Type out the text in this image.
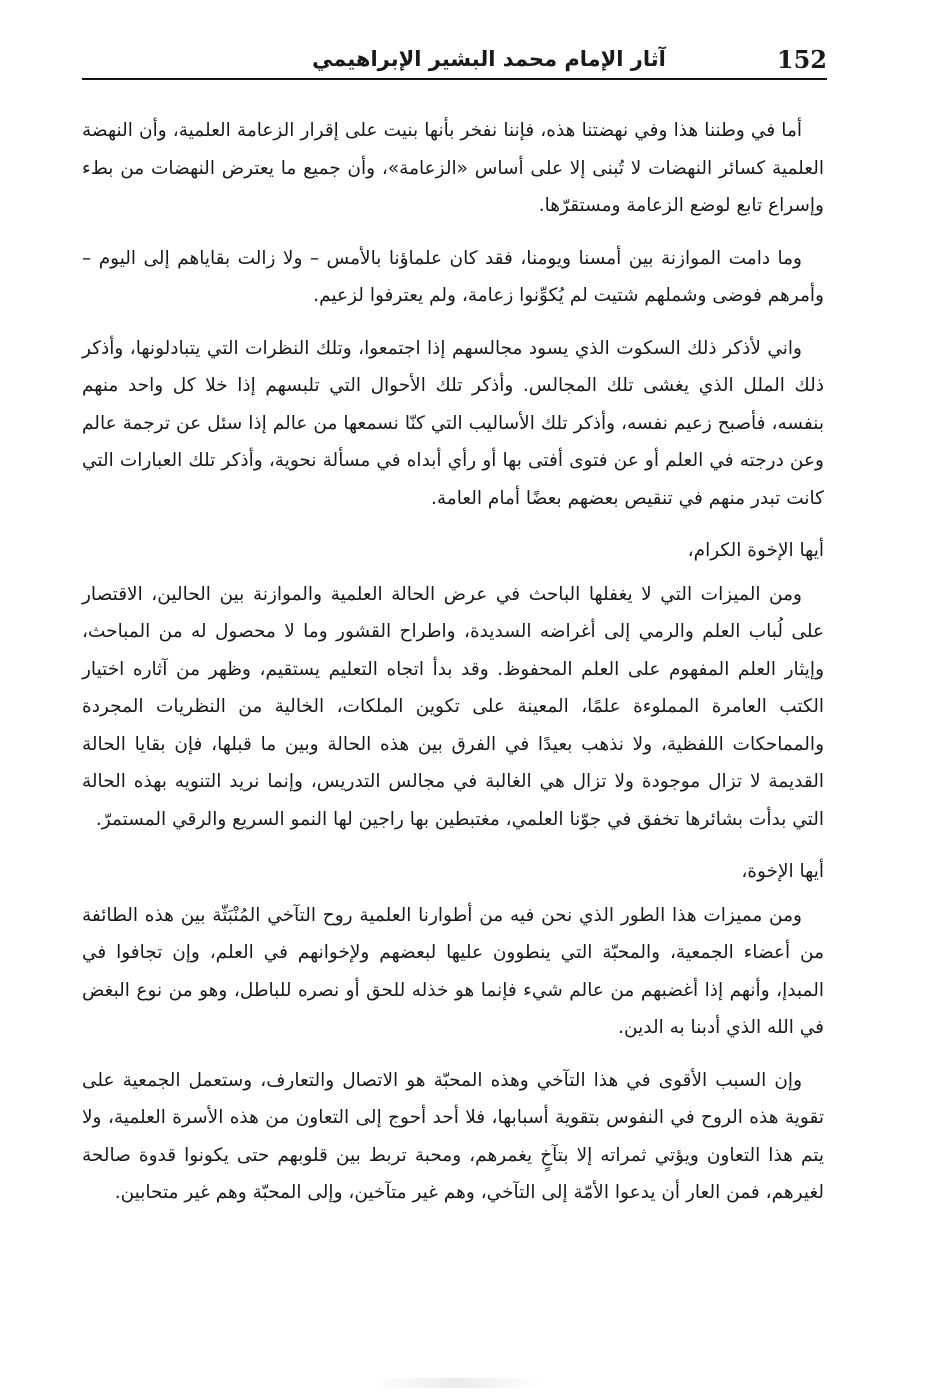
152
آثار الإمام محمد البشير الإبراهيمي

أما في وطننا هذا وفي نهضتنا هذه، فإننا نفخر بأنها بنيت على إقرار الزعامة العلمية، وأن النهضة العلمية كسائر النهضات لا تُبنى إلا على أساس «الزعامة»، وأن جميع ما يعترض النهضات من بطء وإسراع تابع لوضع الزعامة ومستقرّها.

وما دامت الموازنة بين أمسنا ويومنا، فقد كان علماؤنا بالأمس – ولا زالت بقاياهم إلى اليوم – وأمرهم فوضى وشملهم شتيت لم يُكوِّنوا زعامة، ولم يعترفوا لزعيم.

واني لأذكر ذلك السكوت الذي يسود مجالسهم إذا اجتمعوا، وتلك النظرات التي يتبادلونها، وأذكر ذلك الملل الذي يغشى تلك المجالس. وأذكر تلك الأحوال التي تلبسهم إذا خلا كل واحد منهم بنفسه، فأصبح زعيم نفسه، وأذكر تلك الأساليب التي كنّا نسمعها من عالم إذا سئل عن ترجمة عالم وعن درجته في العلم أو عن فتوى أفتى بها أو رأي أبداه في مسألة نحوية، وأذكر تلك العبارات التي كانت تبدر منهم في تنقيص بعضهم بعضًا أمام العامة.

أيها الإخوة الكرام،

ومن الميزات التي لا يغفلها الباحث في عرض الحالة العلمية والموازنة بين الحالين، الاقتصار على لُباب العلم والرمي إلى أغراضه السديدة، واطراح القشور وما لا محصول له من المباحث، وإيثار العلم المفهوم على العلم المحفوظ. وقد بدأ اتجاه التعليم يستقيم، وظهر من آثاره اختيار الكتب العامرة المملوءة علمًا، المعينة على تكوين الملكات، الخالية من النظريات المجردة والمماحكات اللفظية، ولا نذهب بعيدًا في الفرق بين هذه الحالة وبين ما قبلها، فإن بقايا الحالة القديمة لا تزال موجودة ولا تزال هي الغالبة في مجالس التدريس، وإنما نريد التنويه بهذه الحالة التي بدأت بشائرها تخفق في جوّنا العلمي، مغتبطين بها راجين لها النمو السريع والرقي المستمرّ.

أيها الإخوة،

ومن مميزات هذا الطور الذي نحن فيه من أطوارنا العلمية روح التآخي المُنْبَثّة بين هذه الطائفة من أعضاء الجمعية، والمحبّة التي ينطوون عليها لبعضهم ولإخوانهم في العلم، وإن تجافوا في المبدإ، وأنهم إذا أغضبهم من عالم شيء فإنما هو خذله للحق أو نصره للباطل، وهو من نوع البغض في الله الذي أدبنا به الدين.

وإن السبب الأقوى في هذا التآخي وهذه المحبّة هو الاتصال والتعارف، وستعمل الجمعية على تقوية هذه الروح في النفوس بتقوية أسبابها، فلا أحد أحوج إلى التعاون من هذه الأسرة العلمية، ولا يتم هذا التعاون ويؤتي ثمراته إلا بتآخٍ يغمرهم، ومحبة تربط بين قلوبهم حتى يكونوا قدوة صالحة لغيرهم، فمن العار أن يدعوا الأمّة إلى التآخي، وهم غير متآخين، وإلى المحبّة وهم غير متحابين.
